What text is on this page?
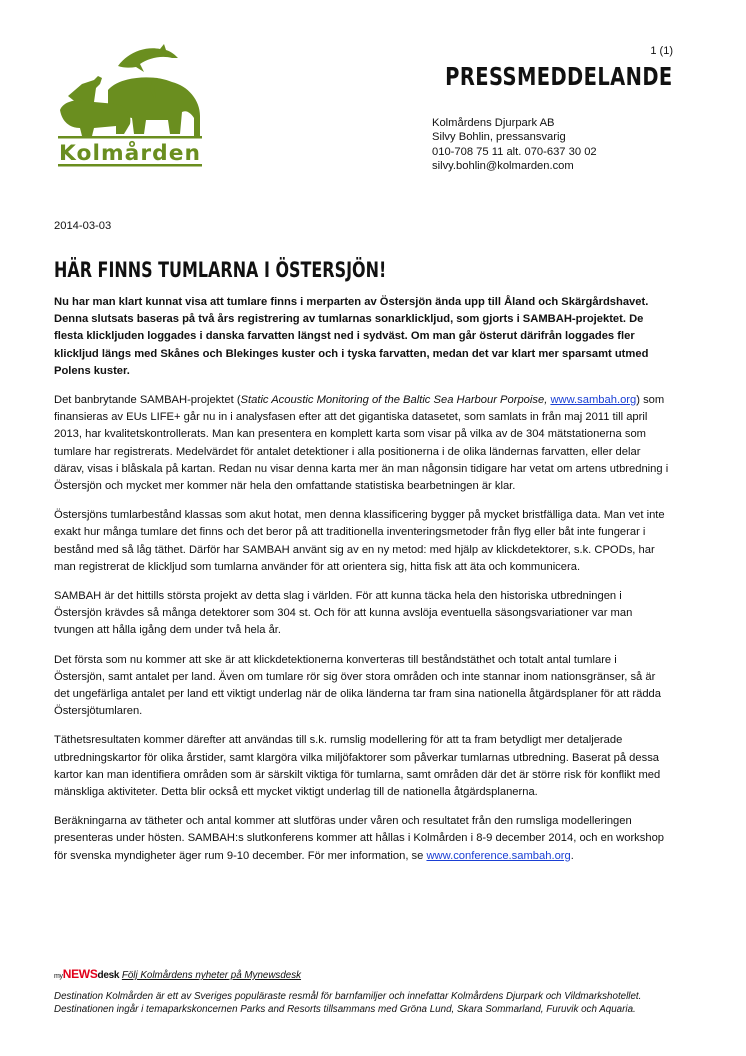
Kolmården
1 (1)
PRESSMEDDELANDE
Kolmårdens Djurpark AB
Silvy Bohlin, pressansvarig
010-708 75 11 alt. 070-637 30 02
silvy.bohlin@kolmarden.com
2014-03-03
HÄR FINNS TUMLARNA I ÖSTERSJÖN!

Nu har man klart kunnat visa att tumlare finns i merparten av Östersjön ända upp till Åland och Skärgårdshavet. Denna slutsats baseras på två års registrering av tumlarnas sonarklickljud, som gjorts i SAMBAH-projektet. De flesta klickljuden loggades i danska farvatten längst ned i sydväst. Om man går österut därifrån loggades fler klickljud längs med Skånes och Blekinges kuster och i tyska farvatten, medan det var klart mer sparsamt utmed Polens kuster.

Det banbrytande SAMBAH-projektet (Static Acoustic Monitoring of the Baltic Sea Harbour Porpoise, www.sambah.org) som finansieras av EUs LIFE+ går nu in i analysfasen efter att det gigantiska datasetet, som samlats in från maj 2011 till april 2013, har kvalitetskontrollerats. Man kan presentera en komplett karta som visar på vilka av de 304 mätstationerna som tumlare har registrerats. Medelvärdet för antalet detektioner i alla positionerna i de olika ländernas farvatten, eller delar därav, visas i blåskala på kartan. Redan nu visar denna karta mer än man någonsin tidigare har vetat om artens utbredning i Östersjön och mycket mer kommer när hela den omfattande statistiska bearbetningen är klar.

Östersjöns tumlarbestånd klassas som akut hotat, men denna klassificering bygger på mycket bristfälliga data. Man vet inte exakt hur många tumlare det finns och det beror på att traditionella inventeringsmetoder från flyg eller båt inte fungerar i bestånd med så låg täthet. Därför har SAMBAH använt sig av en ny metod: med hjälp av klickdetektorer, s.k. CPODs, har man registrerat de klickljud som tumlarna använder för att orientera sig, hitta fisk att äta och kommunicera.

SAMBAH är det hittills största projekt av detta slag i världen. För att kunna täcka hela den historiska utbredningen i Östersjön krävdes så många detektorer som 304 st. Och för att kunna avslöja eventuella säsongsvariationer var man tvungen att hålla igång dem under två hela år.

Det första som nu kommer att ske är att klickdetektionerna konverteras till beståndstäthet och totalt antal tumlare i Östersjön, samt antalet per land. Även om tumlare rör sig över stora områden och inte stannar inom nationsgränser, så är det ungefärliga antalet per land ett viktigt underlag när de olika länderna tar fram sina nationella åtgärdsplaner för att rädda Östersjötumlaren.

Täthetsresultaten kommer därefter att användas till s.k. rumslig modellering för att ta fram betydligt mer detaljerade utbredningskartor för olika årstider, samt klargöra vilka miljöfaktorer som påverkar tumlarnas utbredning. Baserat på dessa kartor kan man identifiera områden som är särskilt viktiga för tumlarna, samt områden där det är större risk för konflikt med mänskliga aktiviteter. Detta blir också ett mycket viktigt underlag till de nationella åtgärdsplanerna.

Beräkningarna av tätheter och antal kommer att slutföras under våren och resultatet från den rumsliga modelleringen presenteras under hösten. SAMBAH:s slutkonferens kommer att hållas i Kolmården i 8-9 december 2014, och en workshop för svenska myndigheter äger rum 9-10 december. För mer information, se www.conference.sambah.org.

myNEWSdesk Följ Kolmårdens nyheter på Mynewsdesk
Destination Kolmården är ett av Sveriges populäraste resmål för barnfamiljer och innefattar Kolmårdens Djurpark och Vildmarkshotellet. Destinationen ingår i temaparkskoncernen Parks and Resorts tillsammans med Gröna Lund, Skara Sommarland, Furuvik och Aquaria.
